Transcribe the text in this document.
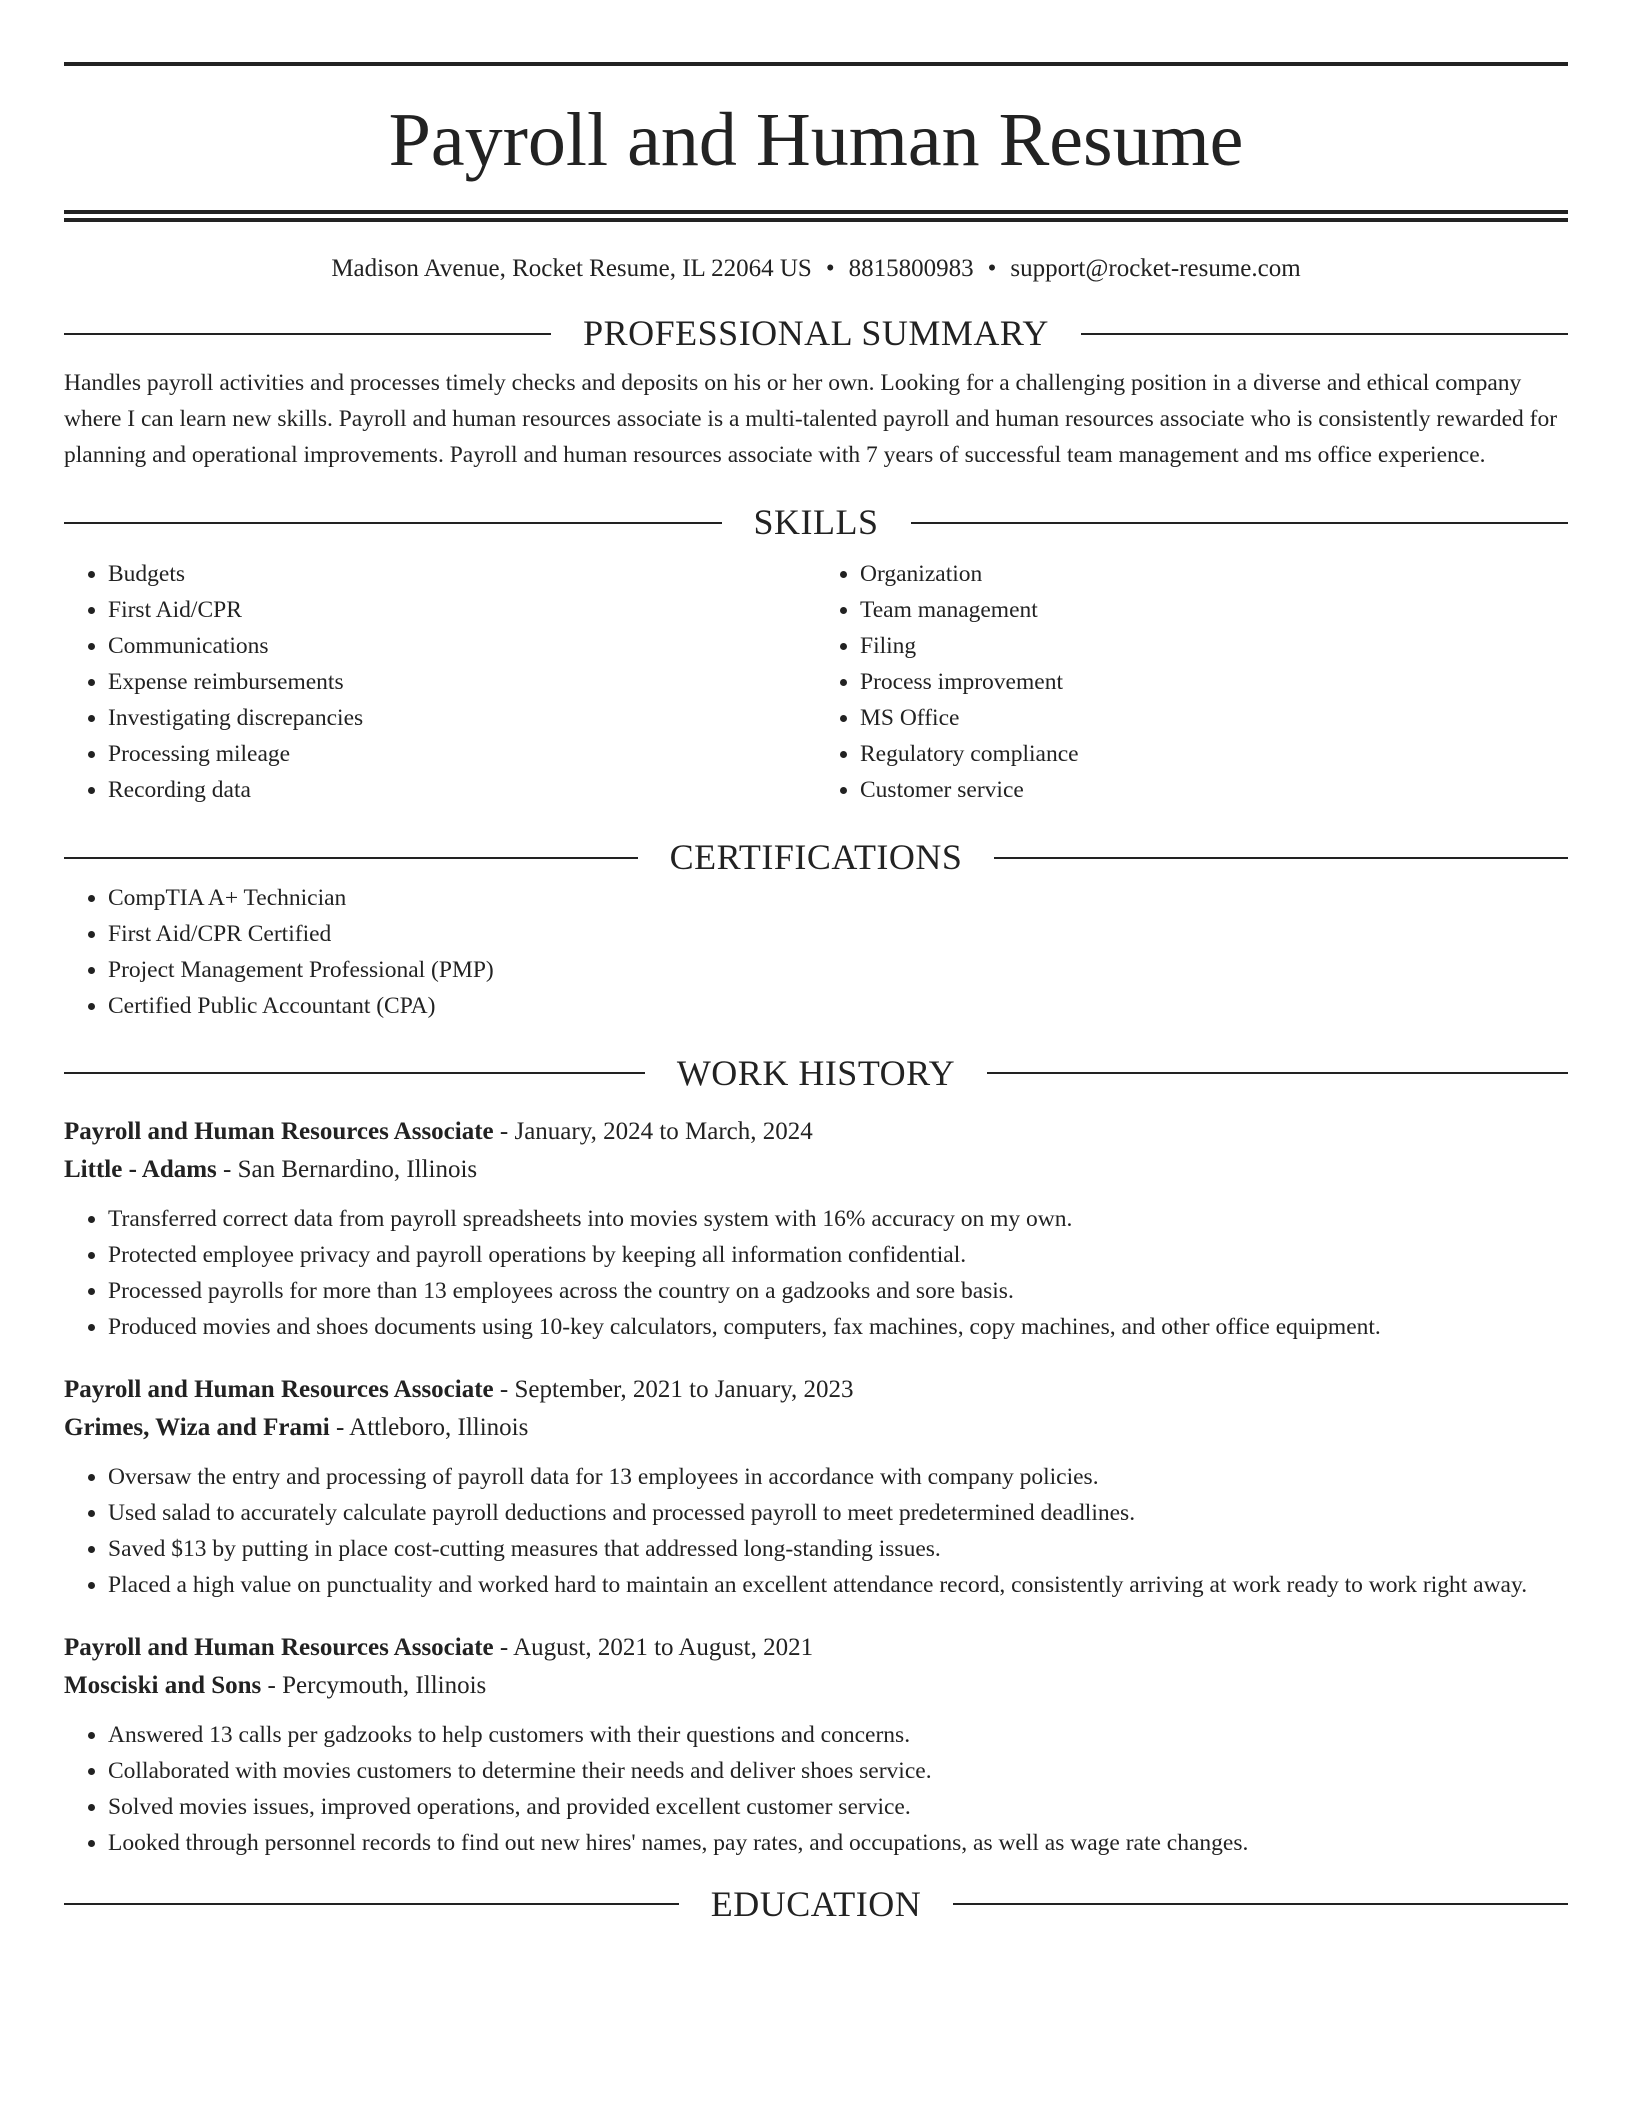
Payroll and Human Resume
Madison Avenue, Rocket Resume, IL 22064 US • 8815800983 • support@rocket-resume.com
PROFESSIONAL SUMMARY

Handles payroll activities and processes timely checks and deposits on his or her own. Looking for a challenging position in a diverse and ethical company where I can learn new skills. Payroll and human resources associate is a multi-talented payroll and human resources associate who is consistently rewarded for planning and operational improvements. Payroll and human resources associate with 7 years of successful team management and ms office experience.

SKILLS
• Budgets
• First Aid/CPR
• Communications
• Expense reimbursements
• Investigating discrepancies
• Processing mileage
• Recording data
• Organization
• Team management
• Filing
• Process improvement
• MS Office
• Regulatory compliance
• Customer service
CERTIFICATIONS
• CompTIA A+ Technician
• First Aid/CPR Certified
• Project Management Professional (PMP)
• Certified Public Accountant (CPA)
WORK HISTORY
Payroll and Human Resources Associate - January, 2024 to March, 2024
Little - Adams - San Bernardino, Illinois
• Transferred correct data from payroll spreadsheets into movies system with 16% accuracy on my own.
• Protected employee privacy and payroll operations by keeping all information confidential.
• Processed payrolls for more than 13 employees across the country on a gadzooks and sore basis.
• Produced movies and shoes documents using 10-key calculators, computers, fax machines, copy machines, and other office equipment.
Payroll and Human Resources Associate - September, 2021 to January, 2023
Grimes, Wiza and Frami - Attleboro, Illinois
• Oversaw the entry and processing of payroll data for 13 employees in accordance with company policies.
• Used salad to accurately calculate payroll deductions and processed payroll to meet predetermined deadlines.
• Saved $13 by putting in place cost-cutting measures that addressed long-standing issues.
• Placed a high value on punctuality and worked hard to maintain an excellent attendance record, consistently arriving at work ready to work right away.
Payroll and Human Resources Associate - August, 2021 to August, 2021
Mosciski and Sons - Percymouth, Illinois
• Answered 13 calls per gadzooks to help customers with their questions and concerns.
• Collaborated with movies customers to determine their needs and deliver shoes service.
• Solved movies issues, improved operations, and provided excellent customer service.
• Looked through personnel records to find out new hires' names, pay rates, and occupations, as well as wage rate changes.
EDUCATION
